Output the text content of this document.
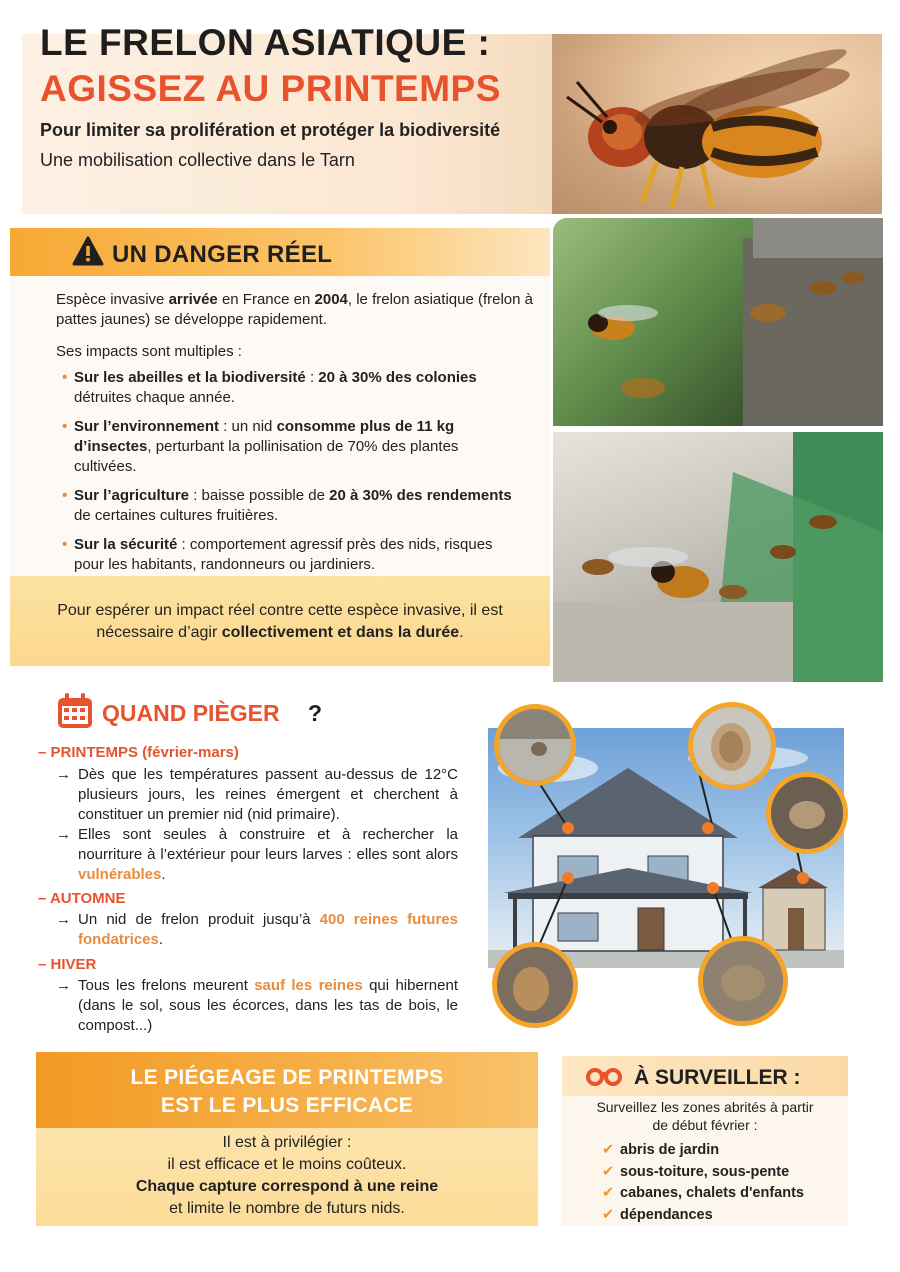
LE FRELON ASIATIQUE :
AGISSEZ AU PRINTEMPS
Pour limiter sa prolifération et protéger la biodiversité
Une mobilisation collective dans le Tarn
UN DANGER RÉEL
Espèce invasive arrivée en France en 2004, le frelon asiatique (frelon à pattes jaunes) se développe rapidement.
Ses impacts sont multiples :
• Sur les abeilles et la biodiversité : 20 à 30% des colonies détruites chaque année.
• Sur l’environnement : un nid consomme plus de 11 kg d’insectes, perturbant la pollinisation de 70% des plantes cultivées.
• Sur l’agriculture : baisse possible de 20 à 30% des rendements de certaines cultures fruitières.
• Sur la sécurité : comportement agressif près des nids, risques pour les habitants, randonneurs ou jardiniers.
Pour espérer un impact réel contre cette espèce invasive, il est nécessaire d’agir collectivement et dans la durée.
QUAND PIÈGER ?
– PRINTEMPS (février-mars)
→ Dès que les températures passent au-dessus de 12°C plusieurs jours, les reines émergent et cherchent à constituer un premier nid (nid primaire).
→ Elles sont seules à construire et à rechercher la nourriture à l’extérieur pour leurs larves : elles sont alors vulnérables.
– AUTOMNE
→ Un nid de frelon produit jusqu’à 400 reines futures fondatrices.
– HIVER
→ Tous les frelons meurent sauf les reines qui hibernent (dans le sol, sous les écorces, dans les tas de bois, le compost...)
LE PIÉGEAGE DE PRINTEMPS
EST LE PLUS EFFICACE
Il est à privilégier :
il est efficace et le moins coûteux.
Chaque capture correspond à une reine
et limite le nombre de futurs nids.
À SURVEILLER :
Surveillez les zones abrités à partir de début février :
✔ abris de jardin
✔ sous-toiture, sous-pente
✔ cabanes, chalets d'enfants
✔ dépendances
